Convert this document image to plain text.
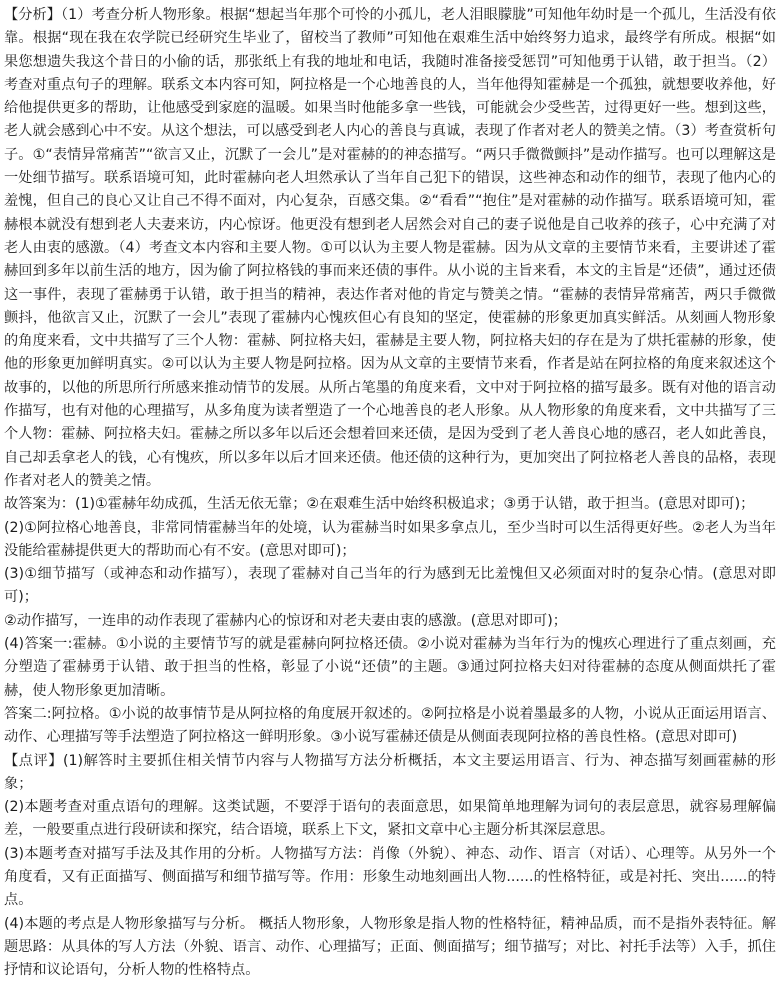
【分析】（1）考查分析人物形象。根据“想起当年那个可怜的小孤儿，老人泪眼朦胧”可知他年幼时是一个孤儿，生活没有依靠。根据“现在我在农学院已经研究生毕业了，留校当了教师”可知他在艰难生活中始终努力追求，最终学有所成。根据“如果您想遗失我这个昔日的小偷的话，那张纸上有我的地址和电话，我随时准备接受惩罚”可知他勇于认错，敢于担当。（2）考查对重点句子的理解。联系文本内容可知，阿拉格是一个心地善良的人，当年他得知霍赫是一个孤独，就想要收养他，好给他提供更多的帮助，让他感受到家庭的温暖。如果当时他能多拿一些钱，可能就会少受些苦，过得更好一些。想到这些，老人就会感到心中不安。从这个想法，可以感受到老人内心的善良与真诚，表现了作者对老人的赞美之情。（3）考查赏析句子。①“表情异常痛苦”“欲言又止，沉默了一会儿”是对霍赫的的神态描写。“两只手微微颤抖”是动作描写。也可以理解这是一处细节描写。联系语境可知，此时霍赫向老人坦然承认了当年自己犯下的错误，这些神态和动作的细节，表现了他内心的羞愧，但自己的良心又让自己不得不面对，内心复杂，百感交集。②“看看”“抱住”是对霍赫的动作描写。联系语境可知，霍赫根本就没有想到老人夫妻来访，内心惊讶。他更没有想到老人居然会对自己的妻子说他是自己收养的孩子，心中充满了对老人由衷的感激。（4）考查文本内容和主要人物。①可以认为主要人物是霍赫。因为从文章的主要情节来看，主要讲述了霍赫回到多年以前生活的地方，因为偷了阿拉格钱的事而来还债的事件。从小说的主旨来看，本文的主旨是“还债”，通过还债这一事件，表现了霍赫勇于认错，敢于担当的精神，表达作者对他的肯定与赞美之情。“霍赫的表情异常痛苦，两只手微微颤抖，他欲言又止，沉默了一会儿”表现了霍赫内心愧疚但心有良知的坚定，使霍赫的形象更加真实鲜活。从刻画人物形象的角度来看，文中共描写了三个人物：霍赫、阿拉格夫妇，霍赫是主要人物，阿拉格夫妇的存在是为了烘托霍赫的形象，使他的形象更加鲜明真实。②可以认为主要人物是阿拉格。因为从文章的主要情节来看，作者是站在阿拉格的角度来叙述这个故事的，以他的所思所行所感来推动情节的发展。从所占笔墨的角度来看，文中对于阿拉格的描写最多。既有对他的语言动作描写，也有对他的心理描写，从多角度为读者塑造了一个心地善良的老人形象。从人物形象的角度来看，文中共描写了三个人物：霍赫、阿拉格夫妇。霍赫之所以多年以后还会想着回来还债，是因为受到了老人善良心地的感召，老人如此善良，自己却丢拿老人的钱，心有愧疚，所以多年以后才回来还债。他还债的这种行为，更加突出了阿拉格老人善良的品格，表现作者对老人的赞美之情。

故答案为：(1)①霍赫年幼成孤，生活无依无靠；②在艰难生活中始终积极追求；③勇于认错，敢于担当。(意思对即可)；

(2)①阿拉格心地善良，非常同情霍赫当年的处境，认为霍赫当时如果多拿点儿，至少当时可以生活得更好些。②老人为当年没能给霍赫提供更大的帮助而心有不安。(意思对即可)；

(3)①细节描写（或神态和动作描写），表现了霍赫对自己当年的行为感到无比羞愧但又必须面对时的复杂心情。(意思对即可)；

②动作描写，一连串的动作表现了霍赫内心的惊讶和对老夫妻由衷的感激。(意思对即可)；

(4)答案一:霍赫。①小说的主要情节写的就是霍赫向阿拉格还债。②小说对霍赫为当年行为的愧疚心理进行了重点刻画，充分塑造了霍赫勇于认错、敢于担当的性格，彰显了小说“还债”的主题。③通过阿拉格夫妇对待霍赫的态度从侧面烘托了霍赫，使人物形象更加清晰。

答案二:阿拉格。①小说的故事情节是从阿拉格的角度展开叙述的。②阿拉格是小说着墨最多的人物，小说从正面运用语言、动作、心理描写等手法塑造了阿拉格这一鲜明形象。③小说写霍赫还债是从侧面表现阿拉格的善良性格。(意思对即可)

【点评】(1)解答时主要抓住相关情节内容与人物描写方法分析概括，本文主要运用语言、行为、神态描写刻画霍赫的形象；

(2)本题考查对重点语句的理解。这类试题，不要浮于语句的表面意思，如果简单地理解为词句的表层意思，就容易理解偏差，一般要重点进行段研读和探究，结合语境，联系上下文，紧扣文章中心主题分析其深层意思。

(3)本题考查对描写手法及其作用的分析。人物描写方法：肖像（外貌）、神态、动作、语言（对话）、心理等。从另外一个角度看，又有正面描写、侧面描写和细节描写等。作用：形象生动地刻画出人物......的性格特征，或是衬托、突出......的特点。

(4)本题的考点是人物形象描写与分析。 概括人物形象，人物形象是指人物的性格特征，精神品质，而不是指外表特征。解题思路：从具体的写人方法（外貌、语言、动作、心理描写；正面、侧面描写；细节描写；对比、衬托手法等）入手，抓住抒情和议论语句，分析人物的性格特点。
